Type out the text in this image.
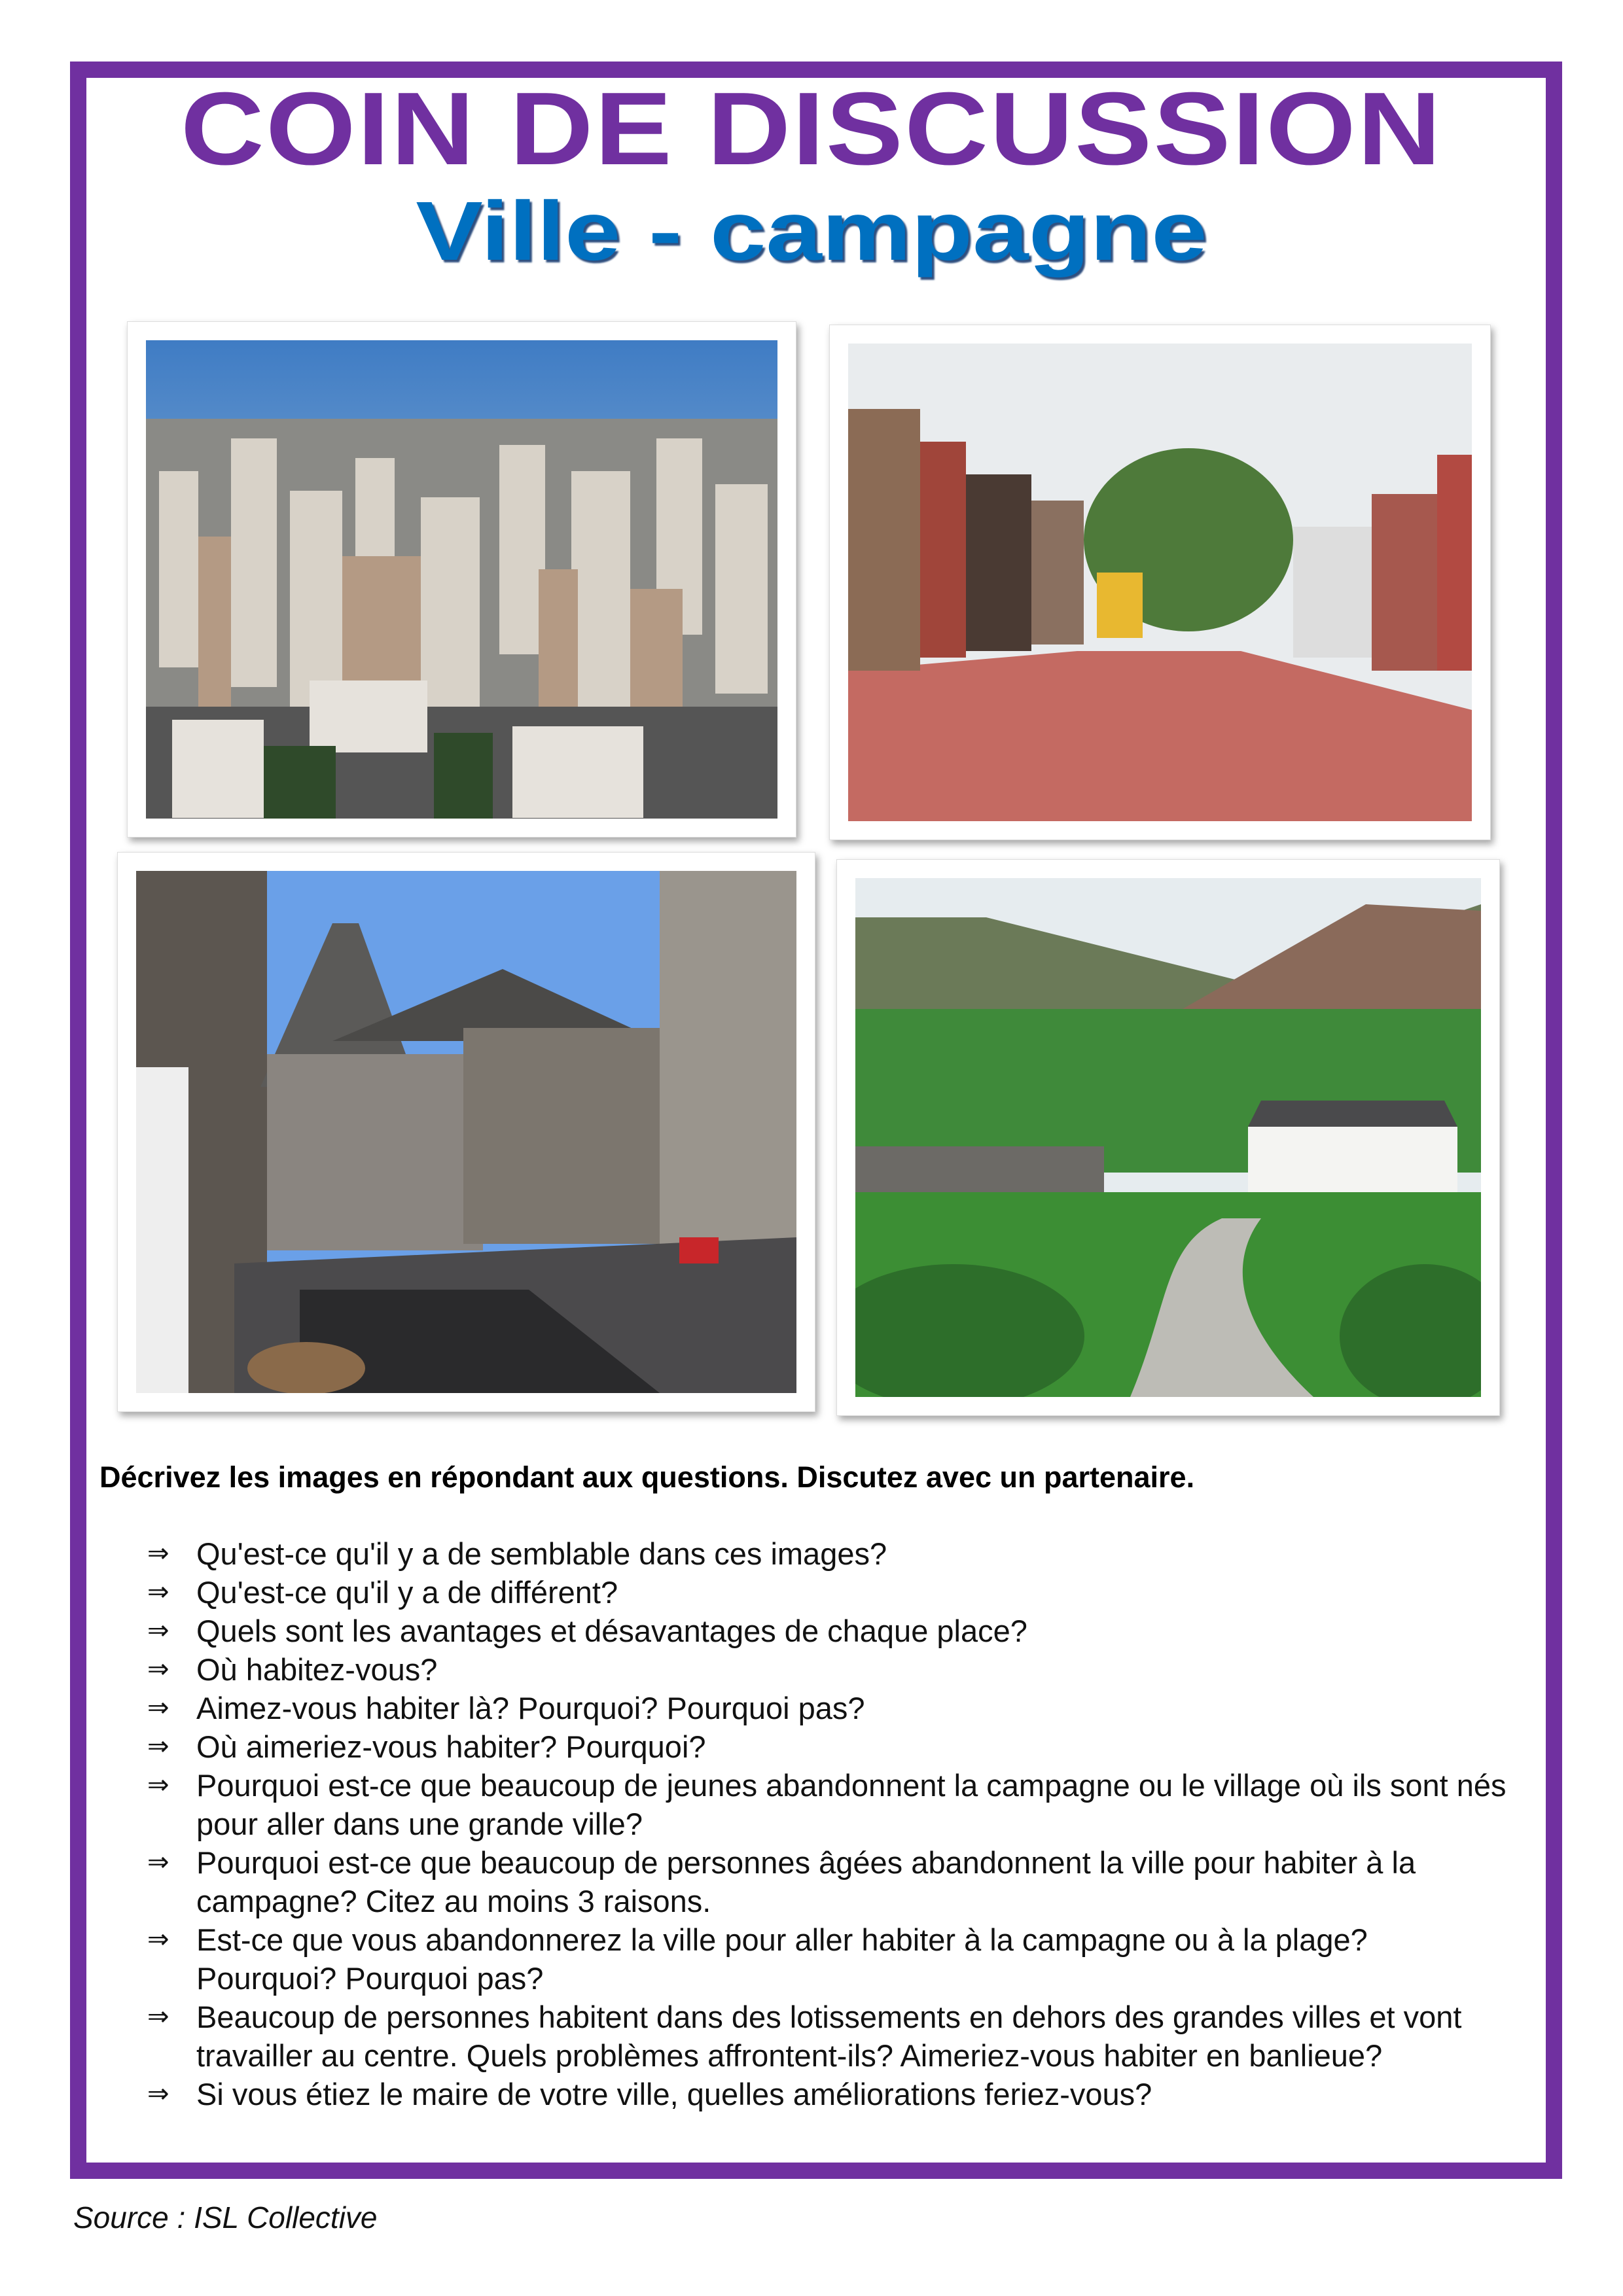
COIN DE DISCUSSION
Ville - campagne
Décrivez les images en répondant aux questions. Discutez avec un partenaire.
⇒ Qu'est-ce qu'il y a de semblable dans ces images?
⇒ Qu'est-ce qu'il y a de différent?
⇒ Quels sont les avantages et désavantages de chaque place?
⇒ Où habitez-vous?
⇒ Aimez-vous habiter là? Pourquoi? Pourquoi pas?
⇒ Où aimeriez-vous habiter? Pourquoi?
⇒ Pourquoi est-ce que beaucoup de jeunes abandonnent la campagne ou le village où ils sont nés pour aller dans une grande ville?
⇒ Pourquoi est-ce que beaucoup de personnes âgées abandonnent la ville pour habiter à la campagne? Citez au moins 3 raisons.
⇒ Est-ce que vous abandonnerez la ville pour aller habiter à la campagne ou à la plage? Pourquoi? Pourquoi pas?
⇒ Beaucoup de personnes habitent dans des lotissements en dehors des grandes villes et vont travailler au centre. Quels problèmes affrontent-ils? Aimeriez-vous habiter en banlieue?
⇒ Si vous étiez le maire de votre ville, quelles améliorations feriez-vous?
Source : ISL Collective
